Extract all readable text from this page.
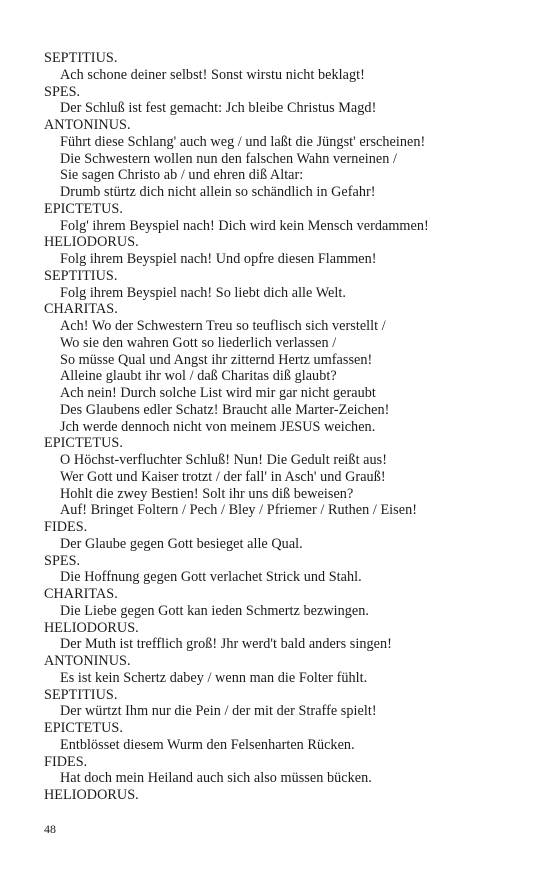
SEPTITIUS.
Ach schone deiner selbst! Sonst wirstu nicht beklagt!
SPES.
Der Schluß ist fest gemacht: Jch bleibe Christus Magd!
ANTONINUS.
Führt diese Schlang' auch weg / und laßt die Jüngst' erscheinen!
Die Schwestern wollen nun den falschen Wahn verneinen /
Sie sagen Christo ab / und ehren diß Altar:
Drumb stürtz dich nicht allein so schändlich in Gefahr!
EPICTETUS.
Folg' ihrem Beyspiel nach! Dich wird kein Mensch verdammen!
HELIODORUS.
Folg ihrem Beyspiel nach! Und opfre diesen Flammen!
SEPTITIUS.
Folg ihrem Beyspiel nach! So liebt dich alle Welt.
CHARITAS.
Ach! Wo der Schwestern Treu so teuflisch sich verstellt /
Wo sie den wahren Gott so liederlich verlassen /
So müsse Qual und Angst ihr zitternd Hertz umfassen!
Alleine glaubt ihr wol / daß Charitas diß glaubt?
Ach nein! Durch solche List wird mir gar nicht geraubt
Des Glaubens edler Schatz! Braucht alle Marter-Zeichen!
Jch werde dennoch nicht von meinem JESUS weichen.
EPICTETUS.
O Höchst-verfluchter Schluß! Nun! Die Gedult reißt aus!
Wer Gott und Kaiser trotzt / der fall' in Asch' und Grauß!
Hohlt die zwey Bestien! Solt ihr uns diß beweisen?
Auf! Bringet Foltern / Pech / Bley / Pfriemer / Ruthen / Eisen!
FIDES.
Der Glaube gegen Gott besieget alle Qual.
SPES.
Die Hoffnung gegen Gott verlachet Strick und Stahl.
CHARITAS.
Die Liebe gegen Gott kan ieden Schmertz bezwingen.
HELIODORUS.
Der Muth ist trefflich groß! Jhr werd't bald anders singen!
ANTONINUS.
Es ist kein Schertz dabey / wenn man die Folter fühlt.
SEPTITIUS.
Der würtzt Ihm nur die Pein / der mit der Straffe spielt!
EPICTETUS.
Entblösset diesem Wurm den Felsenharten Rücken.
FIDES.
Hat doch mein Heiland auch sich also müssen bücken.
HELIODORUS.
48
